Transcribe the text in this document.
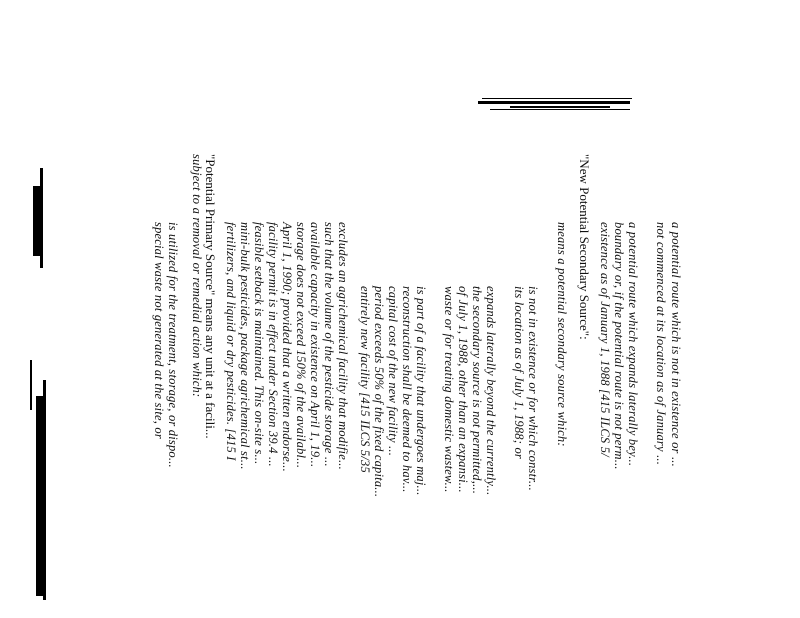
a potential route which is not in existence or ...
not commenced at its location as of January ...
a potential route which expands laterally bey...
boundary or, if the potential route is not perm...
existence as of January 1, 1988 [415 ILCS 5/
"New Potential Secondary Source":
means a potential secondary source which:
is not in existence or for which constr...
its location as of July 1, 1988; or
expands laterally beyond the currently...
the secondary source is not permitted,...
of July 1, 1988, other than an expansi...
waste or for treating domestic wastew...
is part of a facility that undergoes maj...
reconstruction shall be deemed to hav...
capital cost of the new facility ...
period exceeds 50% of the fixed capita...
entirely new facility [415 ILCS 5/35
excludes an agrichemical facility that modifie...
such that the volume of the pesticide storage ...
available capacity in existence on April 1, 19...
storage does not exceed 150% of the availabl...
April 1, 1990; provided that a written endorse...
facility permit is in effect under Section 39.4 ...
feasible setback is maintained. This on-site s...
mini-bulk pesticides, package agrichemical st...
fertilizers, and liquid or dry pesticides. [415 I
"Potential Primary Source" means any unit at a facili...
subject to a removal or remedial action which:
is utilized for the treatment, storage, or dispo...
special waste not generated at the site, or
